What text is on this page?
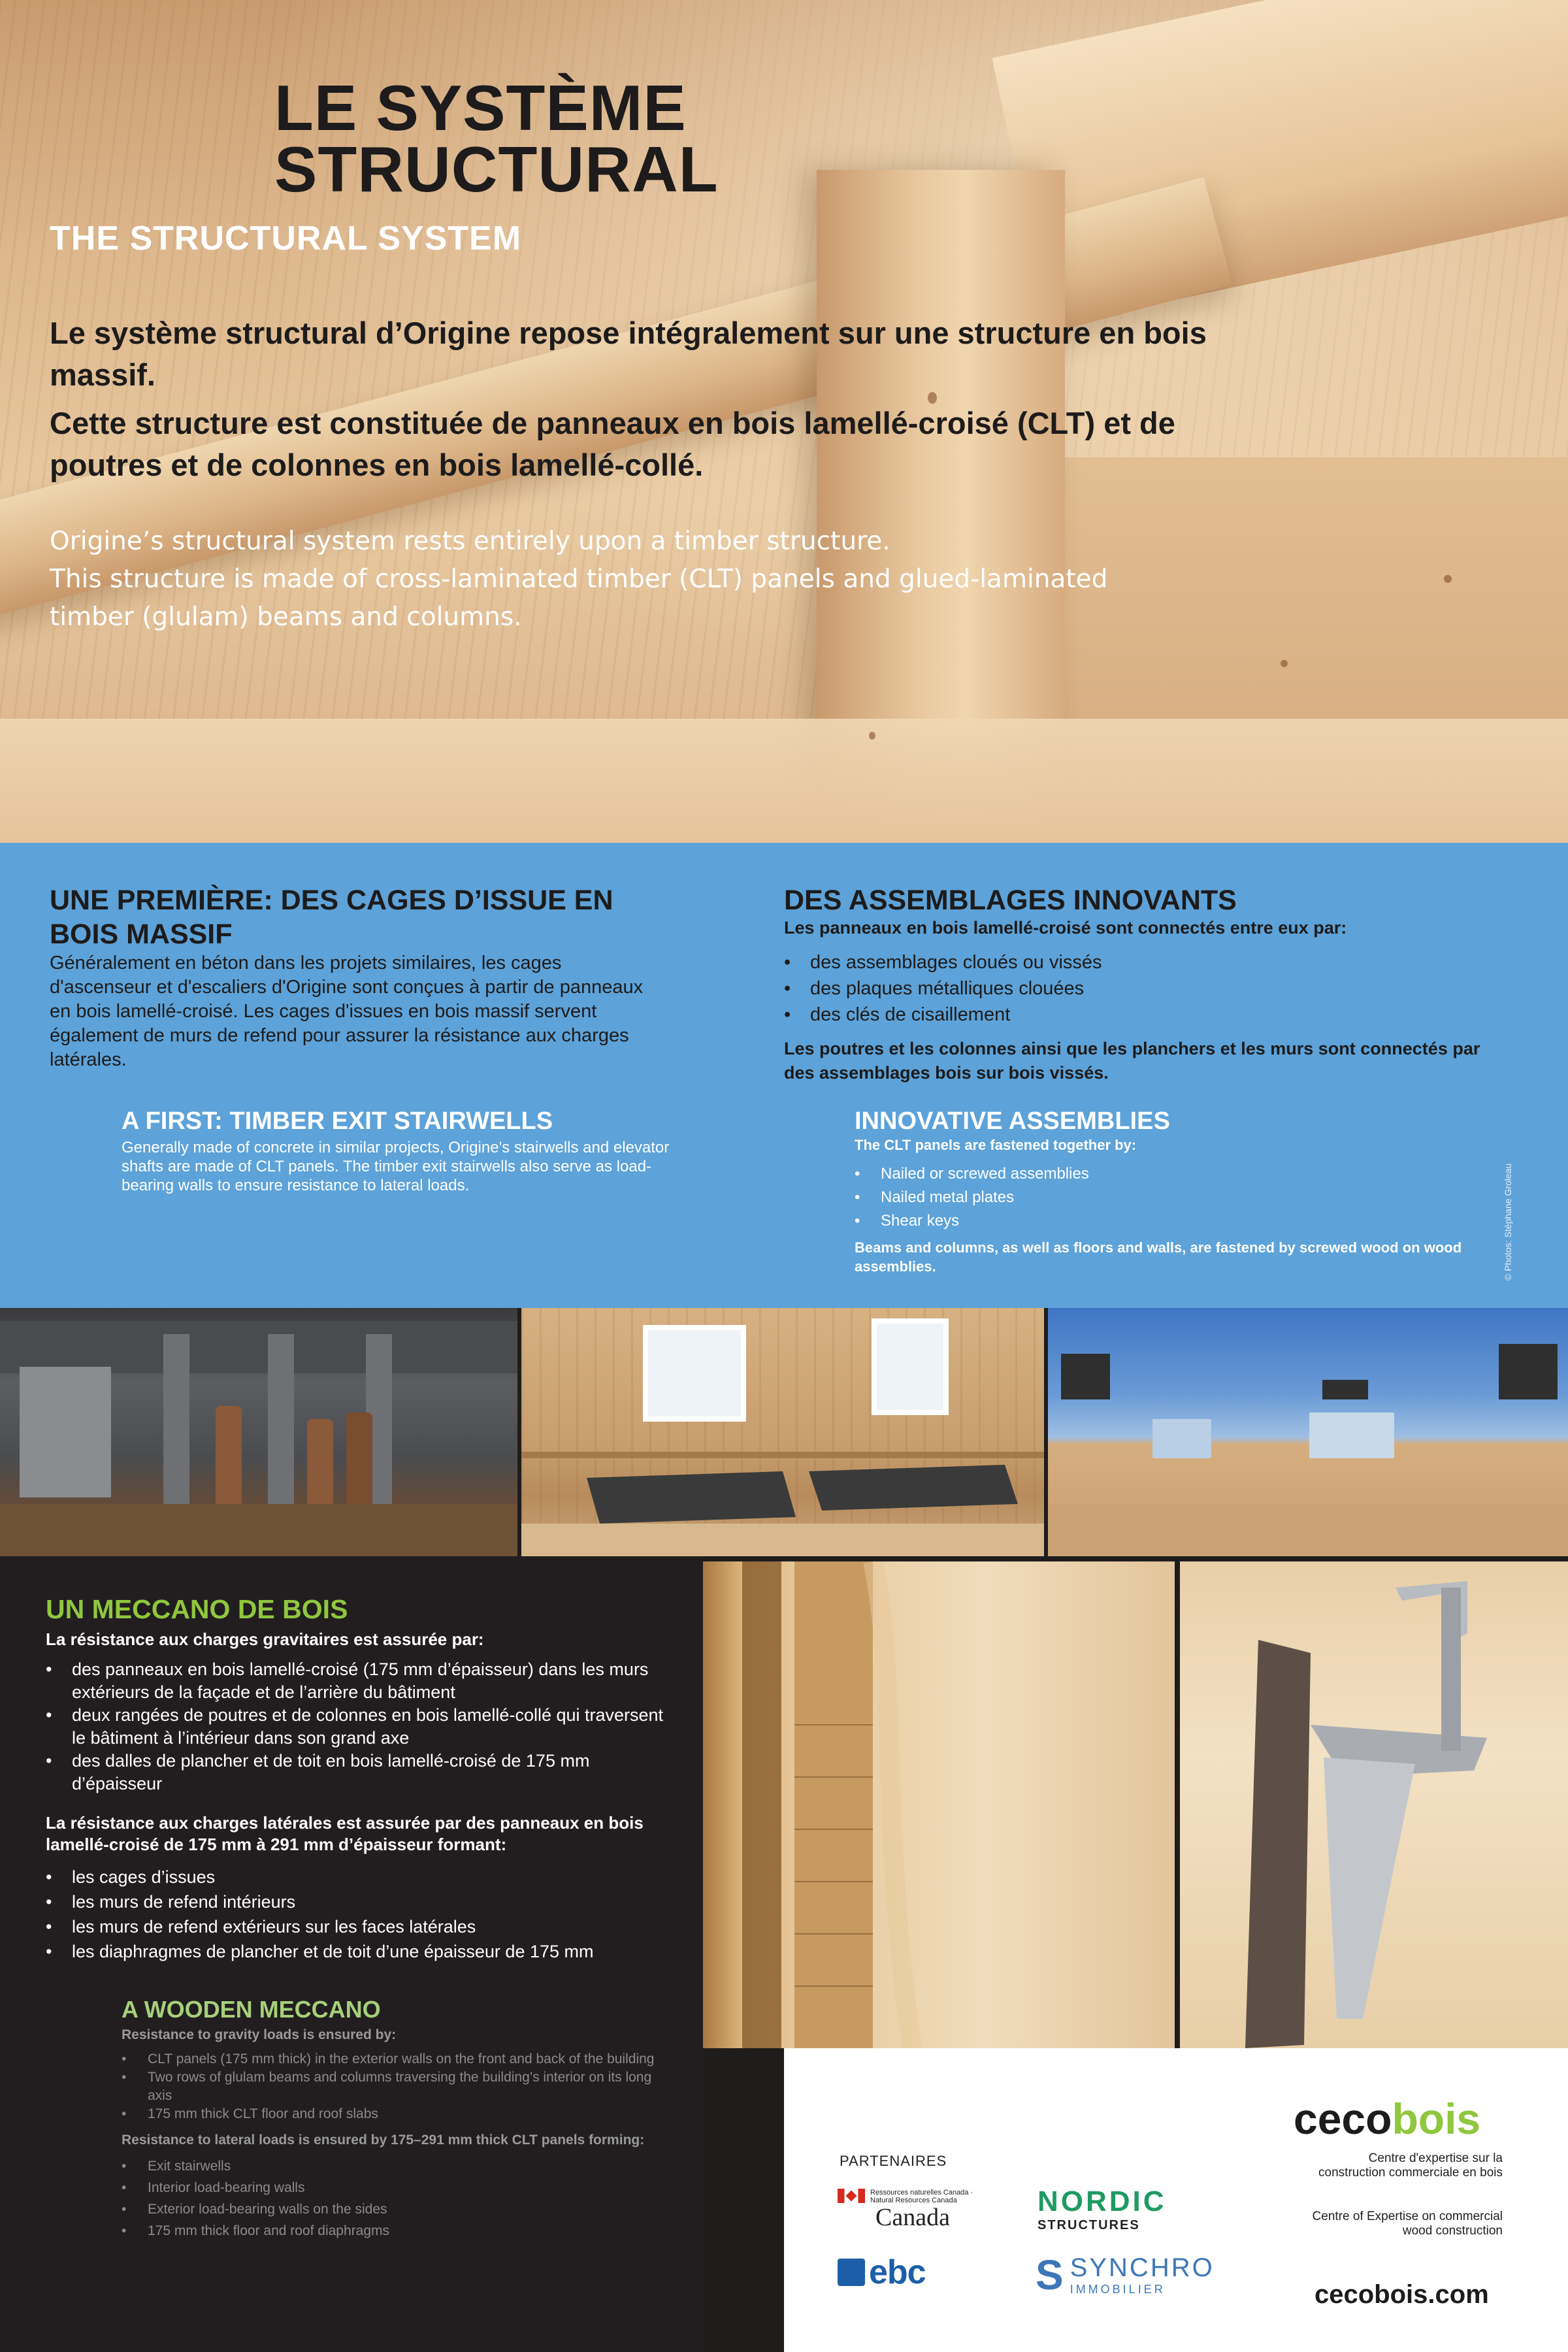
LE SYSTÈME
STRUCTURAL
THE STRUCTURAL SYSTEM

Le système structural d’Origine repose intégralement sur une structure en bois massif.

Cette structure est constituée de panneaux en bois lamellé-croisé (CLT) et de poutres et de colonnes en bois lamellé-collé.

Origine’s structural system rests entirely upon a timber structure.

This structure is made of cross-laminated timber (CLT) panels and glued-laminated timber (glulam) beams and columns.

UNE PREMIÈRE: DES CAGES D’ISSUE EN BOIS MASSIF

Généralement en béton dans les projets similaires, les cages d'ascenseur et d'escaliers d'Origine sont conçues à partir de panneaux en bois lamellé-croisé. Les cages d'issues en bois massif servent également de murs de refend pour assurer la résistance aux charges latérales.

A FIRST: TIMBER EXIT STAIRWELLS

Generally made of concrete in similar projects, Origine's stairwells and elevator shafts are made of CLT panels. The timber exit stairwells also serve as load-bearing walls to ensure resistance to lateral loads.

DES ASSEMBLAGES INNOVANTS

Les panneaux en bois lamellé-croisé sont connectés entre eux par:

• des assemblages cloués ou vissés
• des plaques métalliques clouées
• des clés de cisaillement

Les poutres et les colonnes ainsi que les planchers et les murs sont connectés par des assemblages bois sur bois vissés.

INNOVATIVE ASSEMBLIES

The CLT panels are fastened together by:

• Nailed or screwed assemblies
• Nailed metal plates
• Shear keys

Beams and columns, as well as floors and walls, are fastened by screwed wood on wood assemblies.	© Photos: Stéphane Groleau
UN MECCANO DE BOIS

La résistance aux charges gravitaires est assurée par:

• des panneaux en bois lamellé-croisé (175 mm d’épaisseur) dans les murs extérieurs de la façade et de l’arrière du bâtiment
• deux rangées de poutres et de colonnes en bois lamellé-collé qui traversent le bâtiment à l’intérieur dans son grand axe
• des dalles de plancher et de toit en bois lamellé-croisé de 175 mm d’épaisseur

La résistance aux charges latérales est assurée par des panneaux en bois lamellé-croisé de 175 mm à 291 mm d’épaisseur formant:

• les cages d’issues
• les murs de refend intérieurs
• les murs de refend extérieurs sur les faces latérales
• les diaphragmes de plancher et de toit d’une épaisseur de 175 mm
A WOODEN MECCANO

Resistance to gravity loads is ensured by:

• CLT panels (175 mm thick) in the exterior walls on the front and back of the building
• Two rows of glulam beams and columns traversing the building’s interior on its long axis
• 175 mm thick CLT floor and roof slabs

Resistance to lateral loads is ensured by 175–291 mm thick CLT panels forming:

• Exit stairwells
• Interior load-bearing walls
• Exterior load-bearing walls on the sides
• 175 mm thick floor and roof diaphragms
PARTENAIRES
Ressources naturelles Canada · Natural Resources Canada
Canada	NORDIC
STRUCTURES
ebc	S SYNCHRO
IMMOBILIER
cecobois
Centre d'expertise sur la construction commerciale en bois
Centre of Expertise on commercial wood construction
cecobois.com
